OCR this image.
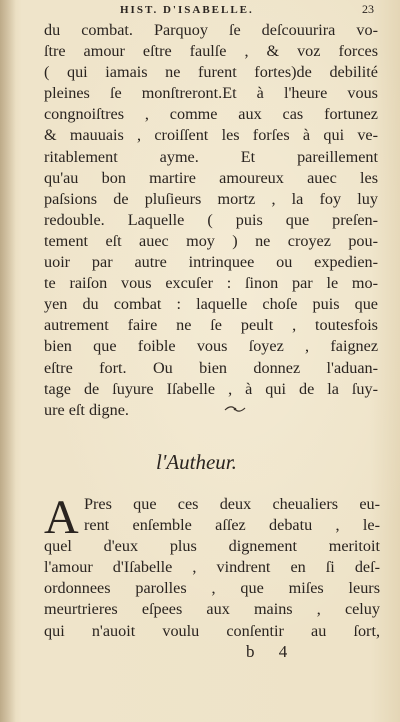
HIST. D'ISABELLE.	23
du combat. Parquoy ſe deſcouurira vo-
ſtre amour eſtre faulſe , & voz forces
( qui iamais ne furent fortes)de debilité
pleines ſe monſtreront.Et à l'heure vous
congnoiſtres , comme aux cas fortunez
& mauuais , croiſſent les forſes à qui ve-
ritablement ayme. Et pareillement
qu'au bon martire amoureux auec les
paſsions de pluſieurs mortz , la foy luy
redouble. Laquelle ( puis que preſen-
tement eſt auec moy ) ne croyez pou-
uoir par autre intrinquee ou expedien-
te raiſon vous excuſer : ſinon par le mo-
yen du combat : laquelle choſe puis que
autrement faire ne ſe peult , toutesfois
bien que foible vous ſoyez , faignez
eſtre fort. Ou bien donnez l'aduan-
tage de ſuyure Iſabelle , à qui de la ſuy-
ure eſt digne.
l'Autheur.
A Pres que ces deux cheualiers eu-
rent enſemble aſſez debatu , le-
quel d'eux plus dignement meritoit
l'amour d'Iſabelle , vindrent en ſi deſ-
ordonnees parolles , que miſes leurs
meurtrieres eſpees aux mains , celuy
qui n'auoit voulu conſentir au ſort,
b 4
